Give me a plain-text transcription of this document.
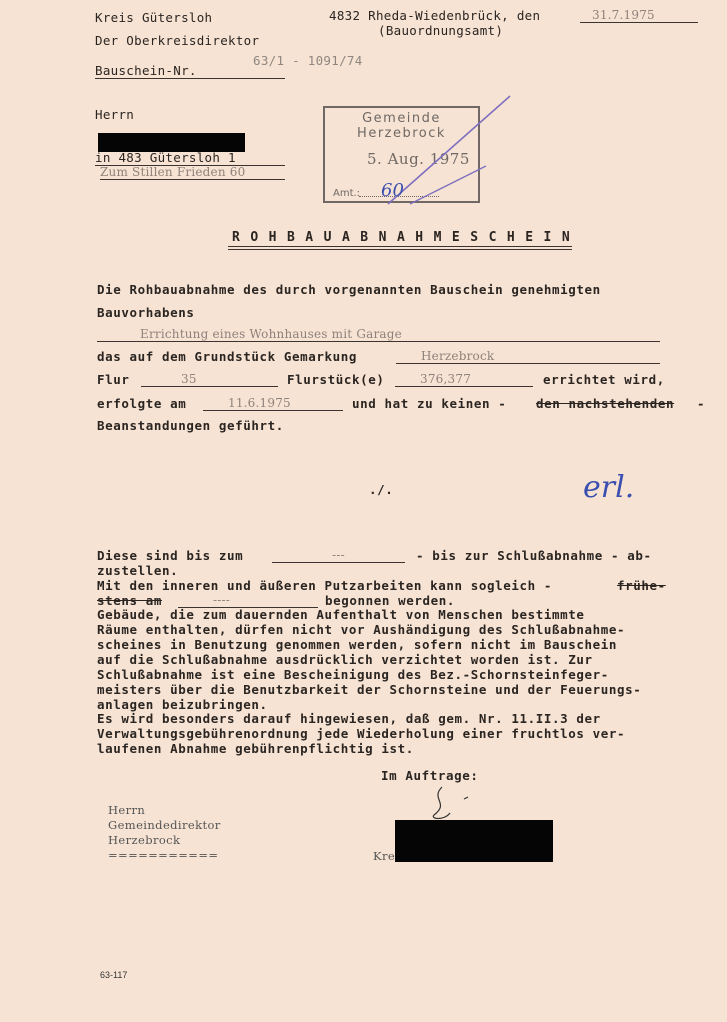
Kreis Gütersloh
Der Oberkreisdirektor
4832 Rheda-Wiedenbrück, den	31.7.1975
(Bauordnungsamt)
63/1 - 1091/74
Bauschein-Nr.
Herrn
in 483 Gütersloh 1
Zum Stillen Frieden 60
Gemeinde
Herzebrock
5. Aug. 1975
Amt.: 60
ROHBAUABNAHMESCHEIN
Die Rohbauabnahme des durch vorgenannten Bauschein genehmigten
Bauvorhabens
Errichtung eines Wohnhauses mit Garage
das auf dem Grundstück Gemarkung	Herzebrock
Flur	35	Flurstück(e)	376,377	errichtet wird,
erfolgte am	11.6.1975	und hat zu keinen - den nachstehenden -
Beanstandungen geführt.
./.	erl.
Diese sind bis zum	---	- bis zur Schlußabnahme - ab-
zustellen.
Mit den inneren und äußeren Putzarbeiten kann sogleich -	frühe-
stens am	----	begonnen werden.
Gebäude, die zum dauernden Aufenthalt von Menschen bestimmte
Räume enthalten, dürfen nicht vor Aushändigung des Schlußabnahme-
scheines in Benutzung genommen werden, sofern nicht im Bauschein
auf die Schlußabnahme ausdrücklich verzichtet worden ist. Zur
Schlußabnahme ist eine Bescheinigung des Bez.-Schornsteinfeger-
meisters über die Benutzbarkeit der Schornsteine und der Feuerungs-
anlagen beizubringen.
Es wird besonders darauf hingewiesen, daß gem. Nr. 11.II.3 der
Verwaltungsgebührenordnung jede Wiederholung einer fruchtlos ver-
laufenen Abnahme gebührenpflichtig ist.
Im Auftrage:
Kre
Herrn
Gemeindedirektor
Herzebrock
===========
63-117
